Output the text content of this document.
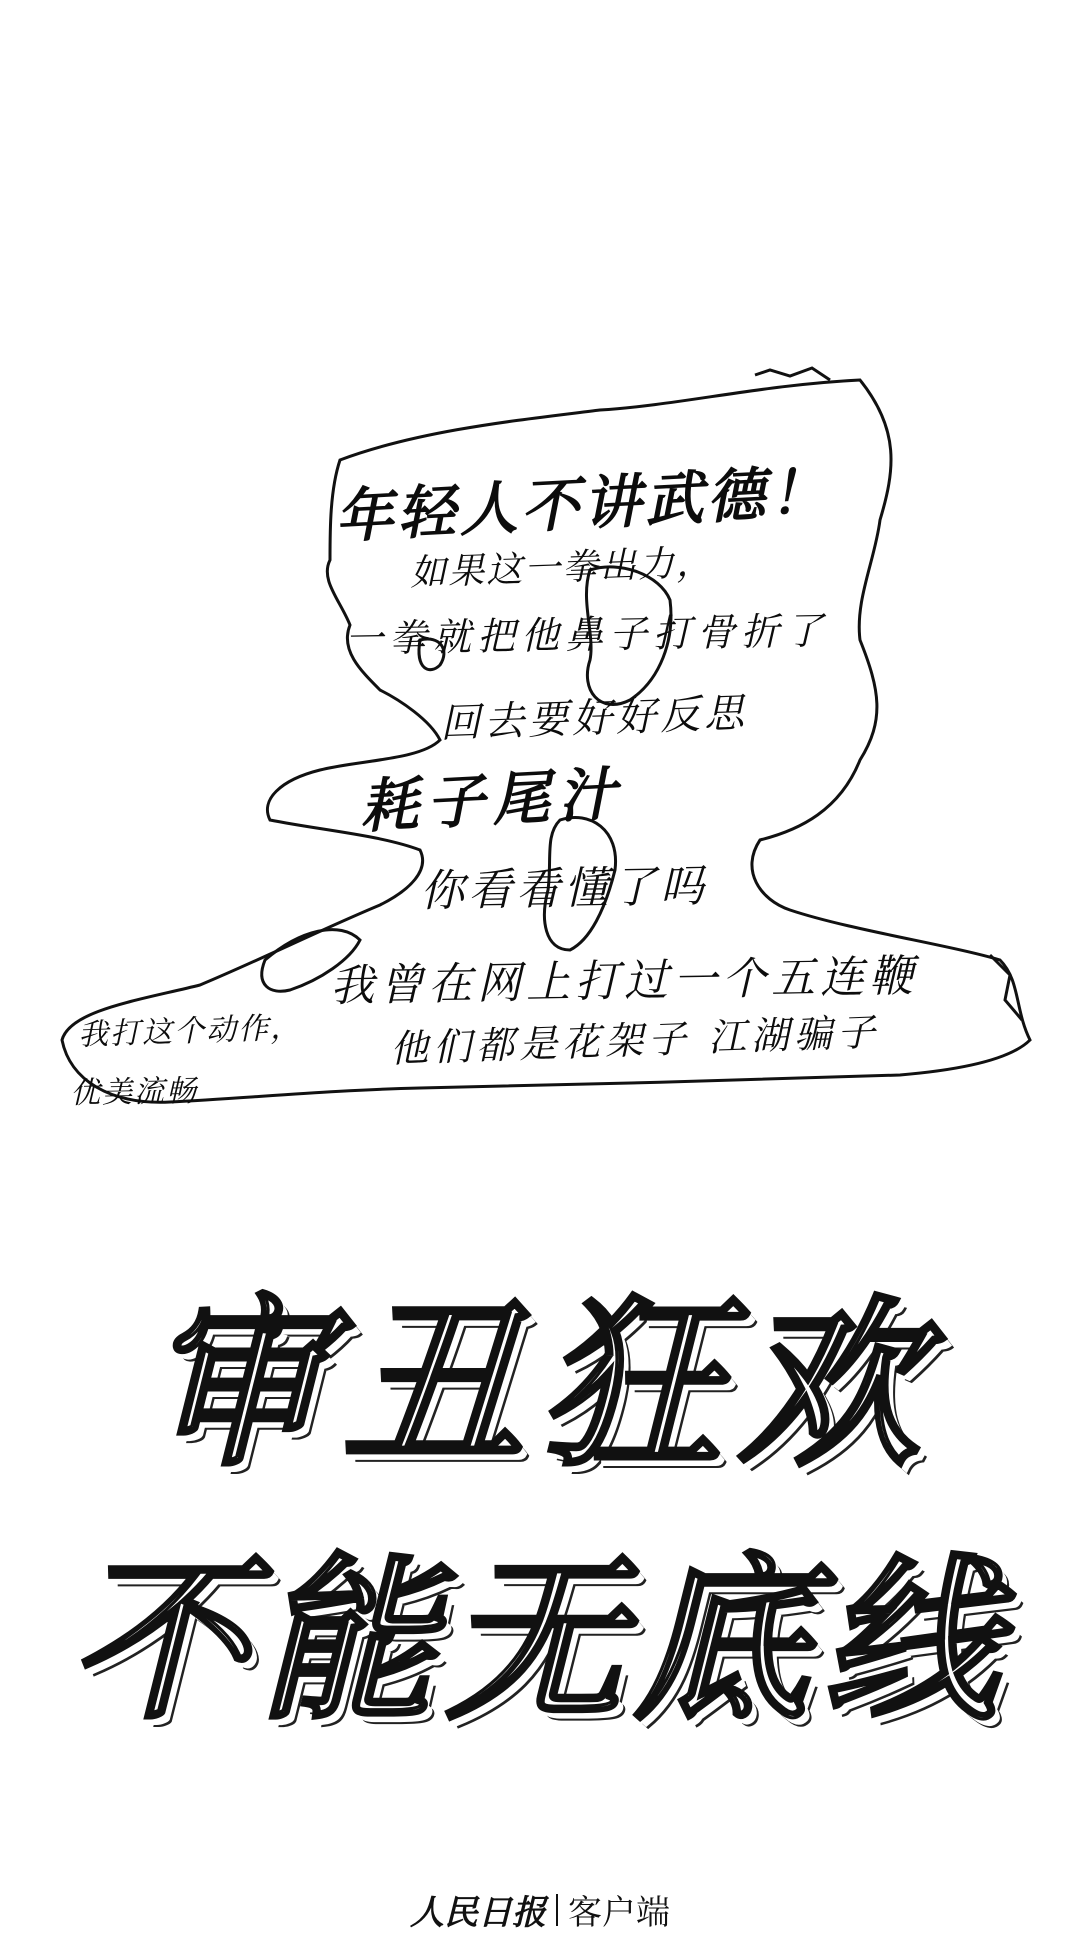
年轻人不讲武德！
如果这一拳出力，
一拳就把他鼻子打骨折了
回去要好好反思
耗子尾汁
你看看懂了吗
我曾在网上打过一个五连鞭
我打这个动作， 他们都是花架子 江湖骗子
优美流畅
审丑狂欢
不能无底线
人民日报 客户端
